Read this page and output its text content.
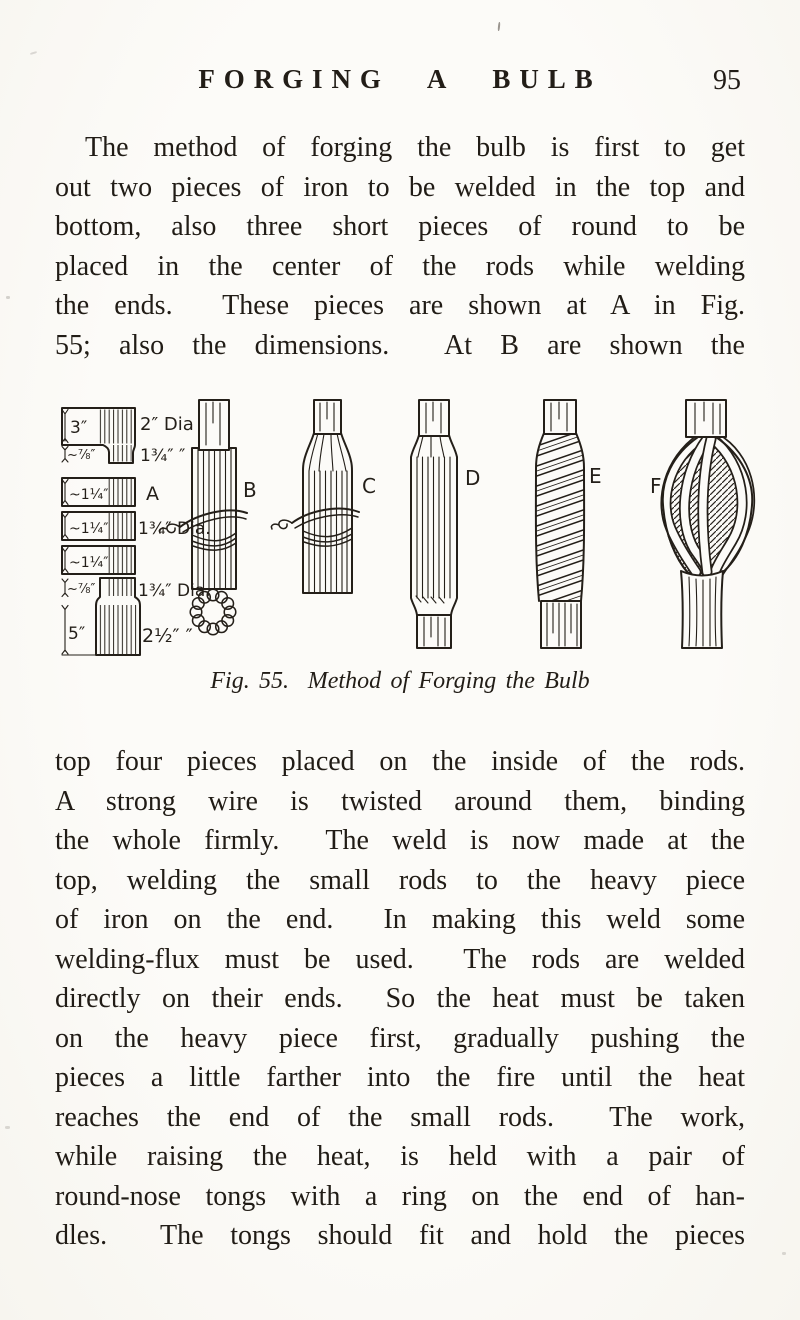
FORGING A BULB	95
The method of forging the bulb is first to get
out two pieces of iron to be welded in the top and
bottom, also three short pieces of round to be
placed in the center of the rods while welding
the ends.  These pieces are shown at A in Fig.
55; also the dimensions.  At B are shown the
3″
~⅞″
2″ Dia
1¾″ ″
~1¼″
~1¼″
~1¼″
A
1¾″ Dia.
~⅞″	1¾″ Dia.
5″	2½″ ″
B	C	D	E F
Fig. 55.  Method of Forging the Bulb
top four pieces placed on the inside of the rods.
A strong wire is twisted around them, binding
the whole firmly.  The weld is now made at the
top, welding the small rods to the heavy piece
of iron on the end.  In making this weld some
welding-flux must be used.  The rods are welded
directly on their ends.  So the heat must be taken
on the heavy piece first, gradually pushing the
pieces a little farther into the fire until the heat
reaches the end of the small rods.  The work,
while raising the heat, is held with a pair of
round-nose tongs with a ring on the end of han-
dles.  The tongs should fit and hold the pieces
